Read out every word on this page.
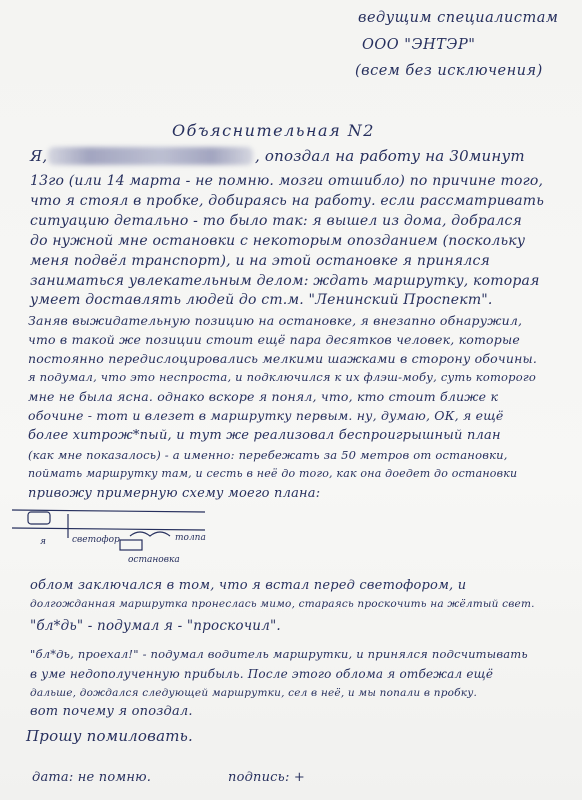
ведущим специалистам
ООО "ЭНТЭР"
(всем без исключения)
Объяснительная N2
Я,	, опоздал на работу на 30минут
13го (или 14 марта - не помню. мозги отшибло) по причине того,
что я стоял в пробке, добираясь на работу. если рассматривать
ситуацию детально - то было так: я вышел из дома, добрался
до нужной мне остановки с некоторым опозданием (поскольку
меня подвёл транспорт), и на этой остановке я принялся
заниматься увлекательным делом: ждать маршрутку, которая
умеет доставлять людей до ст.м. "Ленинский Проспект".
Заняв выжидательную позицию на остановке, я внезапно обнаружил,
что в такой же позиции стоит ещё пара десятков человек, которые
постоянно передислоцировались мелкими шажками в сторону обочины.
я подумал, что это неспроста, и подключился к их флэш-мобу, суть которого
мне не была ясна. однако вскоре я понял, что, кто стоит ближе к
обочине - тот и влезет в маршрутку первым. ну, думаю, ОК, я ещё
более хитрож*пый, и тут же реализовал беспроигрышный план
(как мне показалось) - а именно: перебежать за 50 метров от остановки,
поймать маршрутку там, и сесть в неё до того, как она доедет до остановки
привожу примерную схему моего плана:
я	светофор	толпа
остановка
облом заключался в том, что я встал перед светофором, и
долгожданная маршрутка пронеслась мимо, стараясь проскочить на жёлтый свет.
"бл*дь" - подумал я - "проскочил".
"бл*дь, проехал!" - подумал водитель маршрутки, и принялся подсчитывать
в уме недополученную прибыль. После этого облома я отбежал ещё
дальше, дождался следующей маршрутки, сел в неё, и мы попали в пробку.
вот почему я опоздал.
Прошу помиловать.
дата: не помню.	подпись: +
